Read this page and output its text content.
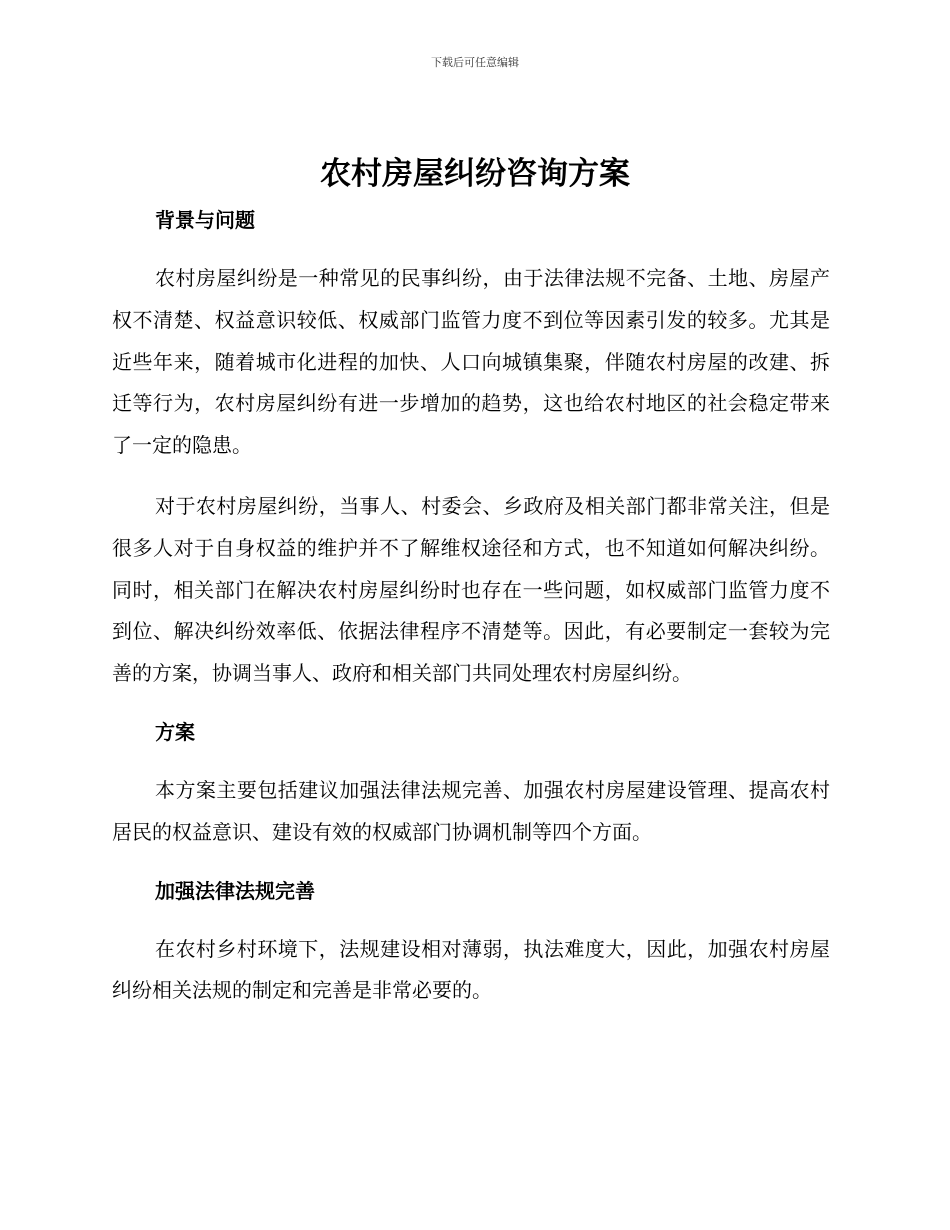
下载后可任意编辑
农村房屋纠纷咨询方案
背景与问题

农村房屋纠纷是一种常见的民事纠纷，由于法律法规不完备、土地、房屋产权不清楚、权益意识较低、权威部门监管力度不到位等因素引发的较多。尤其是近些年来，随着城市化进程的加快、人口向城镇集聚，伴随农村房屋的改建、拆迁等行为，农村房屋纠纷有进一步增加的趋势，这也给农村地区的社会稳定带来了一定的隐患。

对于农村房屋纠纷，当事人、村委会、乡政府及相关部门都非常关注，但是很多人对于自身权益的维护并不了解维权途径和方式，也不知道如何解决纠纷。同时，相关部门在解决农村房屋纠纷时也存在一些问题，如权威部门监管力度不到位、解决纠纷效率低、依据法律程序不清楚等。因此，有必要制定一套较为完善的方案，协调当事人、政府和相关部门共同处理农村房屋纠纷。

方案

本方案主要包括建议加强法律法规完善、加强农村房屋建设管理、提高农村居民的权益意识、建设有效的权威部门协调机制等四个方面。

加强法律法规完善

在农村乡村环境下，法规建设相对薄弱，执法难度大，因此，加强农村房屋纠纷相关法规的制定和完善是非常必要的。
